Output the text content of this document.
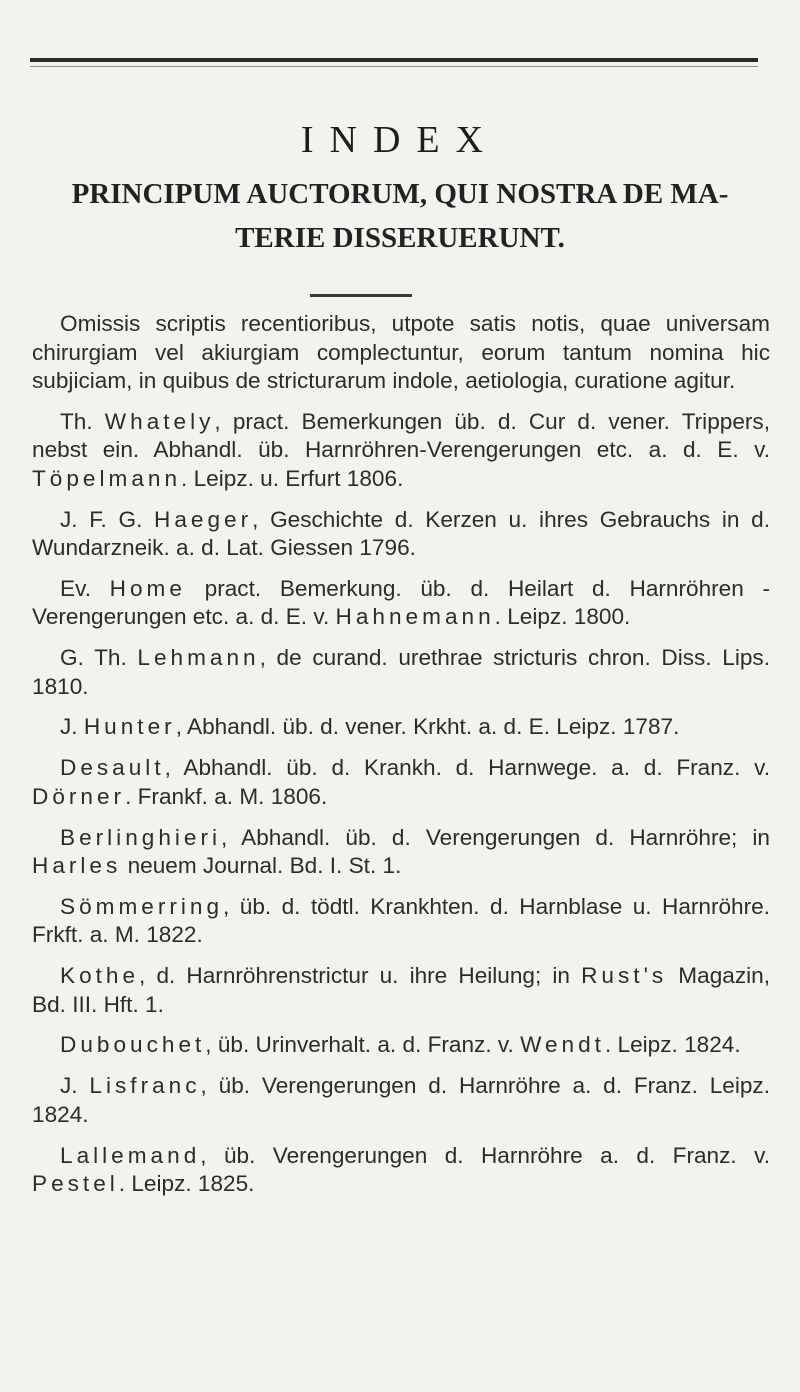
INDEX
PRINCIPUM AUCTORUM, QUI NOSTRA DE MA-
TERIE DISSERUERUNT.

Omissis scriptis recentioribus, utpote satis notis, quae universam chirurgiam vel akiurgiam complectuntur, eorum tantum nomina hic subjiciam, in quibus de stricturarum indole, aetiologia, curatione agitur.

Th. Whately, pract. Bemerkungen üb. d. Cur d. vener. Trippers, nebst ein. Abhandl. üb. Harnröhren-Verengerungen etc. a. d. E. v. Töpelmann. Leipz. u. Erfurt 1806.

J. F. G. Haeger, Geschichte d. Kerzen u. ihres Gebrauchs in d. Wundarzneik. a. d. Lat. Giessen 1796.

Ev. Home pract. Bemerkung. üb. d. Heilart d. Harnröhren - Verengerungen etc. a. d. E. v. Hahnemann. Leipz. 1800.

G. Th. Lehmann, de curand. urethrae stricturis chron. Diss. Lips. 1810.

J. Hunter, Abhandl. üb. d. vener. Krkht. a. d. E. Leipz. 1787.

Desault, Abhandl. üb. d. Krankh. d. Harnwege. a. d. Franz. v. Dörner. Frankf. a. M. 1806.

Berlinghieri, Abhandl. üb. d. Verengerungen d. Harnröhre; in Harles neuem Journal. Bd. I. St. 1.

Sömmerring, üb. d. tödtl. Krankhten. d. Harnblase u. Harnröhre. Frkft. a. M. 1822.

Kothe, d. Harnröhrenstrictur u. ihre Heilung; in Rust's Magazin, Bd. III. Hft. 1.

Dubouchet, üb. Urinverhalt. a. d. Franz. v. Wendt. Leipz. 1824.

J. Lisfranc, üb. Verengerungen d. Harnröhre a. d. Franz. Leipz. 1824.

Lallemand, üb. Verengerungen d. Harnröhre a. d. Franz. v. Pestel. Leipz. 1825.
